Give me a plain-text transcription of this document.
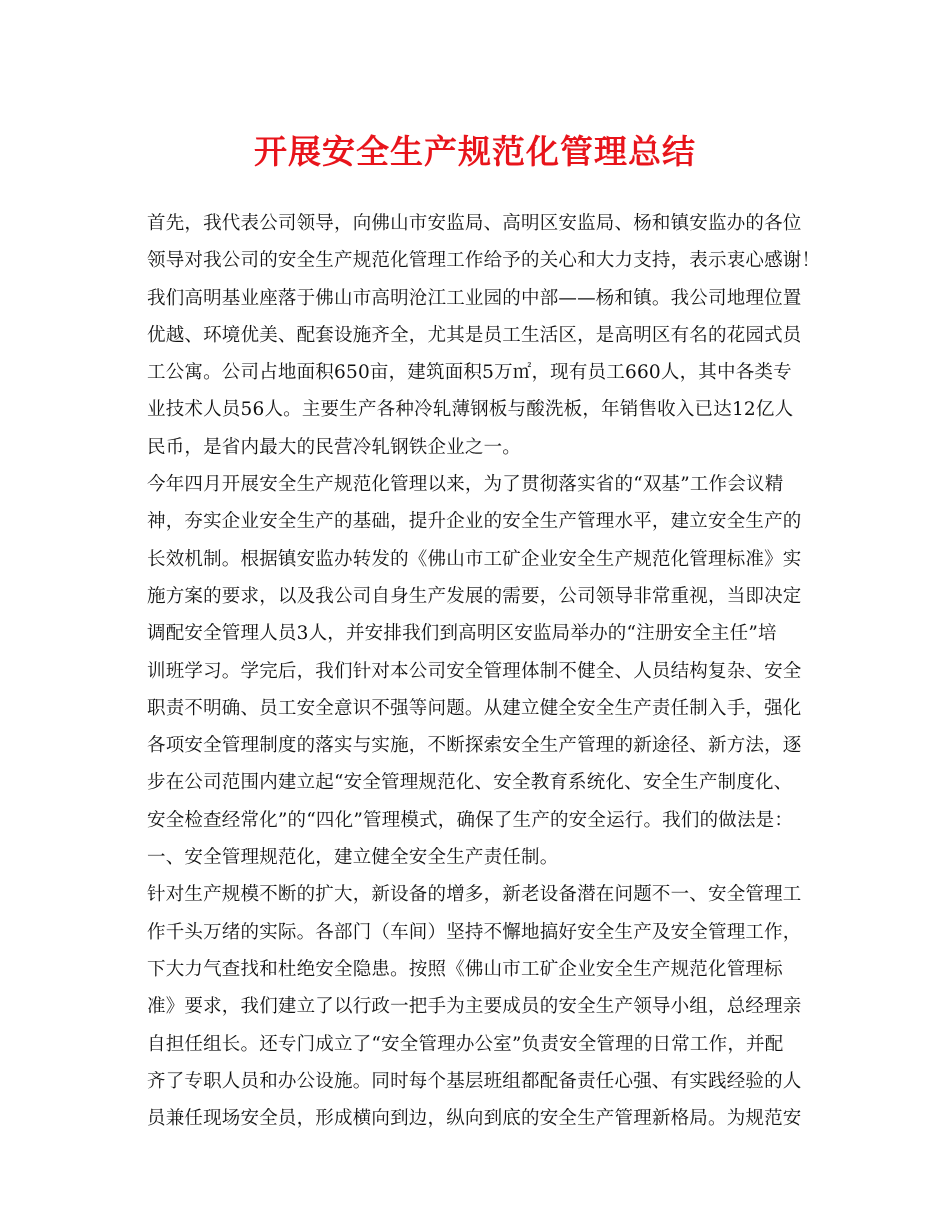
开展安全生产规范化管理总结
首先，我代表公司领导，向佛山市安监局、高明区安监局、杨和镇安监办的各位
领导对我公司的安全生产规范化管理工作给予的关心和大力支持，表示衷心感谢！
我们高明基业座落于佛山市高明沧江工业园的中部——杨和镇。我公司地理位置
优越、环境优美、配套设施齐全，尤其是员工生活区，是高明区有名的花园式员
工公寓。公司占地面积650亩，建筑面积5万㎡，现有员工660人，其中各类专
业技术人员56人。主要生产各种冷轧薄钢板与酸洗板，年销售收入已达12亿人
民币，是省内最大的民营冷轧钢铁企业之一。
今年四月开展安全生产规范化管理以来，为了贯彻落实省的“双基”工作会议精
神，夯实企业安全生产的基础，提升企业的安全生产管理水平，建立安全生产的
长效机制。根据镇安监办转发的《佛山市工矿企业安全生产规范化管理标准》实
施方案的要求，以及我公司自身生产发展的需要，公司领导非常重视，当即决定
调配安全管理人员3人，并安排我们到高明区安监局举办的“注册安全主任”培
训班学习。学完后，我们针对本公司安全管理体制不健全、人员结构复杂、安全
职责不明确、员工安全意识不强等问题。从建立健全安全生产责任制入手，强化
各项安全管理制度的落实与实施，不断探索安全生产管理的新途径、新方法，逐
步在公司范围内建立起“安全管理规范化、安全教育系统化、安全生产制度化、
安全检查经常化”的“四化”管理模式，确保了生产的安全运行。我们的做法是：
一、安全管理规范化，建立健全安全生产责任制。
针对生产规模不断的扩大，新设备的增多，新老设备潜在问题不一、安全管理工
作千头万绪的实际。各部门（车间）坚持不懈地搞好安全生产及安全管理工作，
下大力气查找和杜绝安全隐患。按照《佛山市工矿企业安全生产规范化管理标
准》要求，我们建立了以行政一把手为主要成员的安全生产领导小组，总经理亲
自担任组长。还专门成立了“安全管理办公室”负责安全管理的日常工作，并配
齐了专职人员和办公设施。同时每个基层班组都配备责任心强、有实践经验的人
员兼任现场安全员，形成横向到边，纵向到底的安全生产管理新格局。为规范安
